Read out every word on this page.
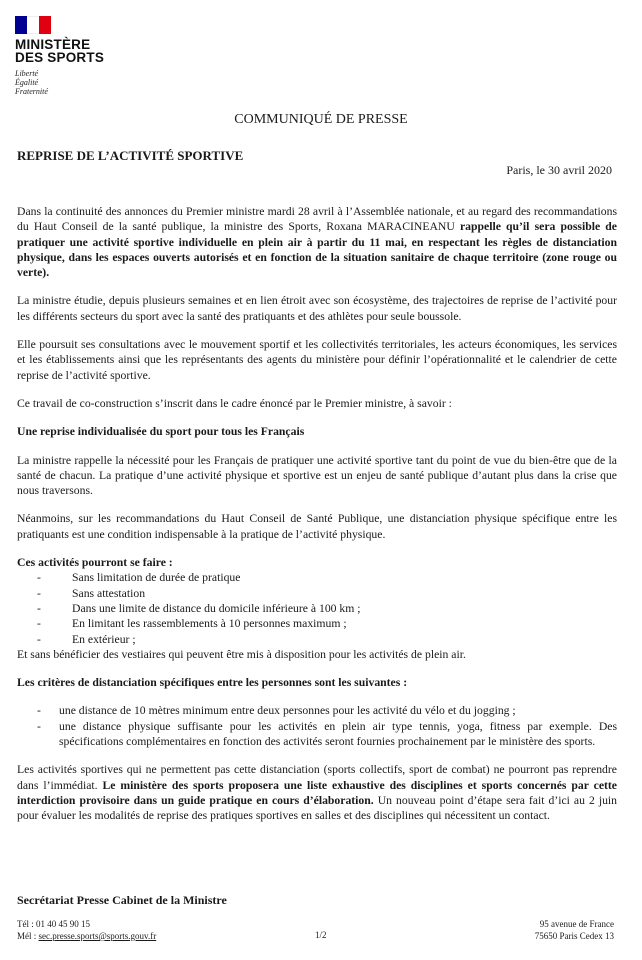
MINISTÈRE
DES SPORTS
Liberté
Égalité
Fraternité
COMMUNIQUÉ DE PRESSE
REPRISE DE L’ACTIVITÉ SPORTIVE
Paris, le 30 avril 2020

Dans la continuité des annonces du Premier ministre mardi 28 avril à l’Assemblée nationale, et au regard des recommandations du Haut Conseil de la santé publique, la ministre des Sports, Roxana MARACINEANU rappelle qu’il sera possible de pratiquer une activité sportive individuelle en plein air à partir du 11 mai, en respectant les règles de distanciation physique, dans les espaces ouverts autorisés et en fonction de la situation sanitaire de chaque territoire (zone rouge ou verte).

La ministre étudie, depuis plusieurs semaines et en lien étroit avec son écosystème, des trajectoires de reprise de l’activité pour les différents secteurs du sport avec la santé des pratiquants et des athlètes pour seule boussole.

Elle poursuit ses consultations avec le mouvement sportif et les collectivités territoriales, les acteurs économiques, les services et les établissements ainsi que les représentants des agents du ministère pour définir l’opérationnalité et le calendrier de cette reprise de l’activité sportive.

Ce travail de co-construction s’inscrit dans le cadre énoncé par le Premier ministre, à savoir :

Une reprise individualisée du sport pour tous les Français

La ministre rappelle la nécessité pour les Français de pratiquer une activité sportive tant du point de vue du bien-être que de la santé de chacun. La pratique d’une activité physique et sportive est un enjeu de santé publique d’autant plus dans la crise que nous traversons.

Néanmoins, sur les recommandations du Haut Conseil de Santé Publique, une distanciation physique spécifique entre les pratiquants est une condition indispensable à la pratique de l’activité physique.

Ces activités pourront se faire :
-	Sans limitation de durée de pratique
-	Sans attestation
-	Dans une limite de distance du domicile inférieure à 100 km ;
-	En limitant les rassemblements à 10 personnes maximum ;
-	En extérieur ;
Et sans bénéficier des vestiaires qui peuvent être mis à disposition pour les activités de plein air.
Les critères de distanciation spécifiques entre les personnes sont les suivantes :
- une distance de 10 mètres minimum entre deux personnes pour les activité du vélo et du jogging ;
- une distance physique suffisante pour les activités en plein air type tennis, yoga, fitness par exemple. Des spécifications complémentaires en fonction des activités seront fournies prochainement par le ministère des sports.

Les activités sportives qui ne permettent pas cette distanciation (sports collectifs, sport de combat) ne pourront pas reprendre dans l’immédiat. Le ministère des sports proposera une liste exhaustive des disciplines et sports concernés par cette interdiction provisoire dans un guide pratique en cours d’élaboration. Un nouveau point d’étape sera fait d’ici au 2 juin pour évaluer les modalités de reprise des pratiques sportives en salles et des disciplines qui nécessitent un contact.

Secrétariat Presse Cabinet de la Ministre
Tél : 01 40 45 90 15
Mél : sec.presse.sports@sports.gouv.fr	1/2
95 avenue de France
75650 Paris Cedex 13
